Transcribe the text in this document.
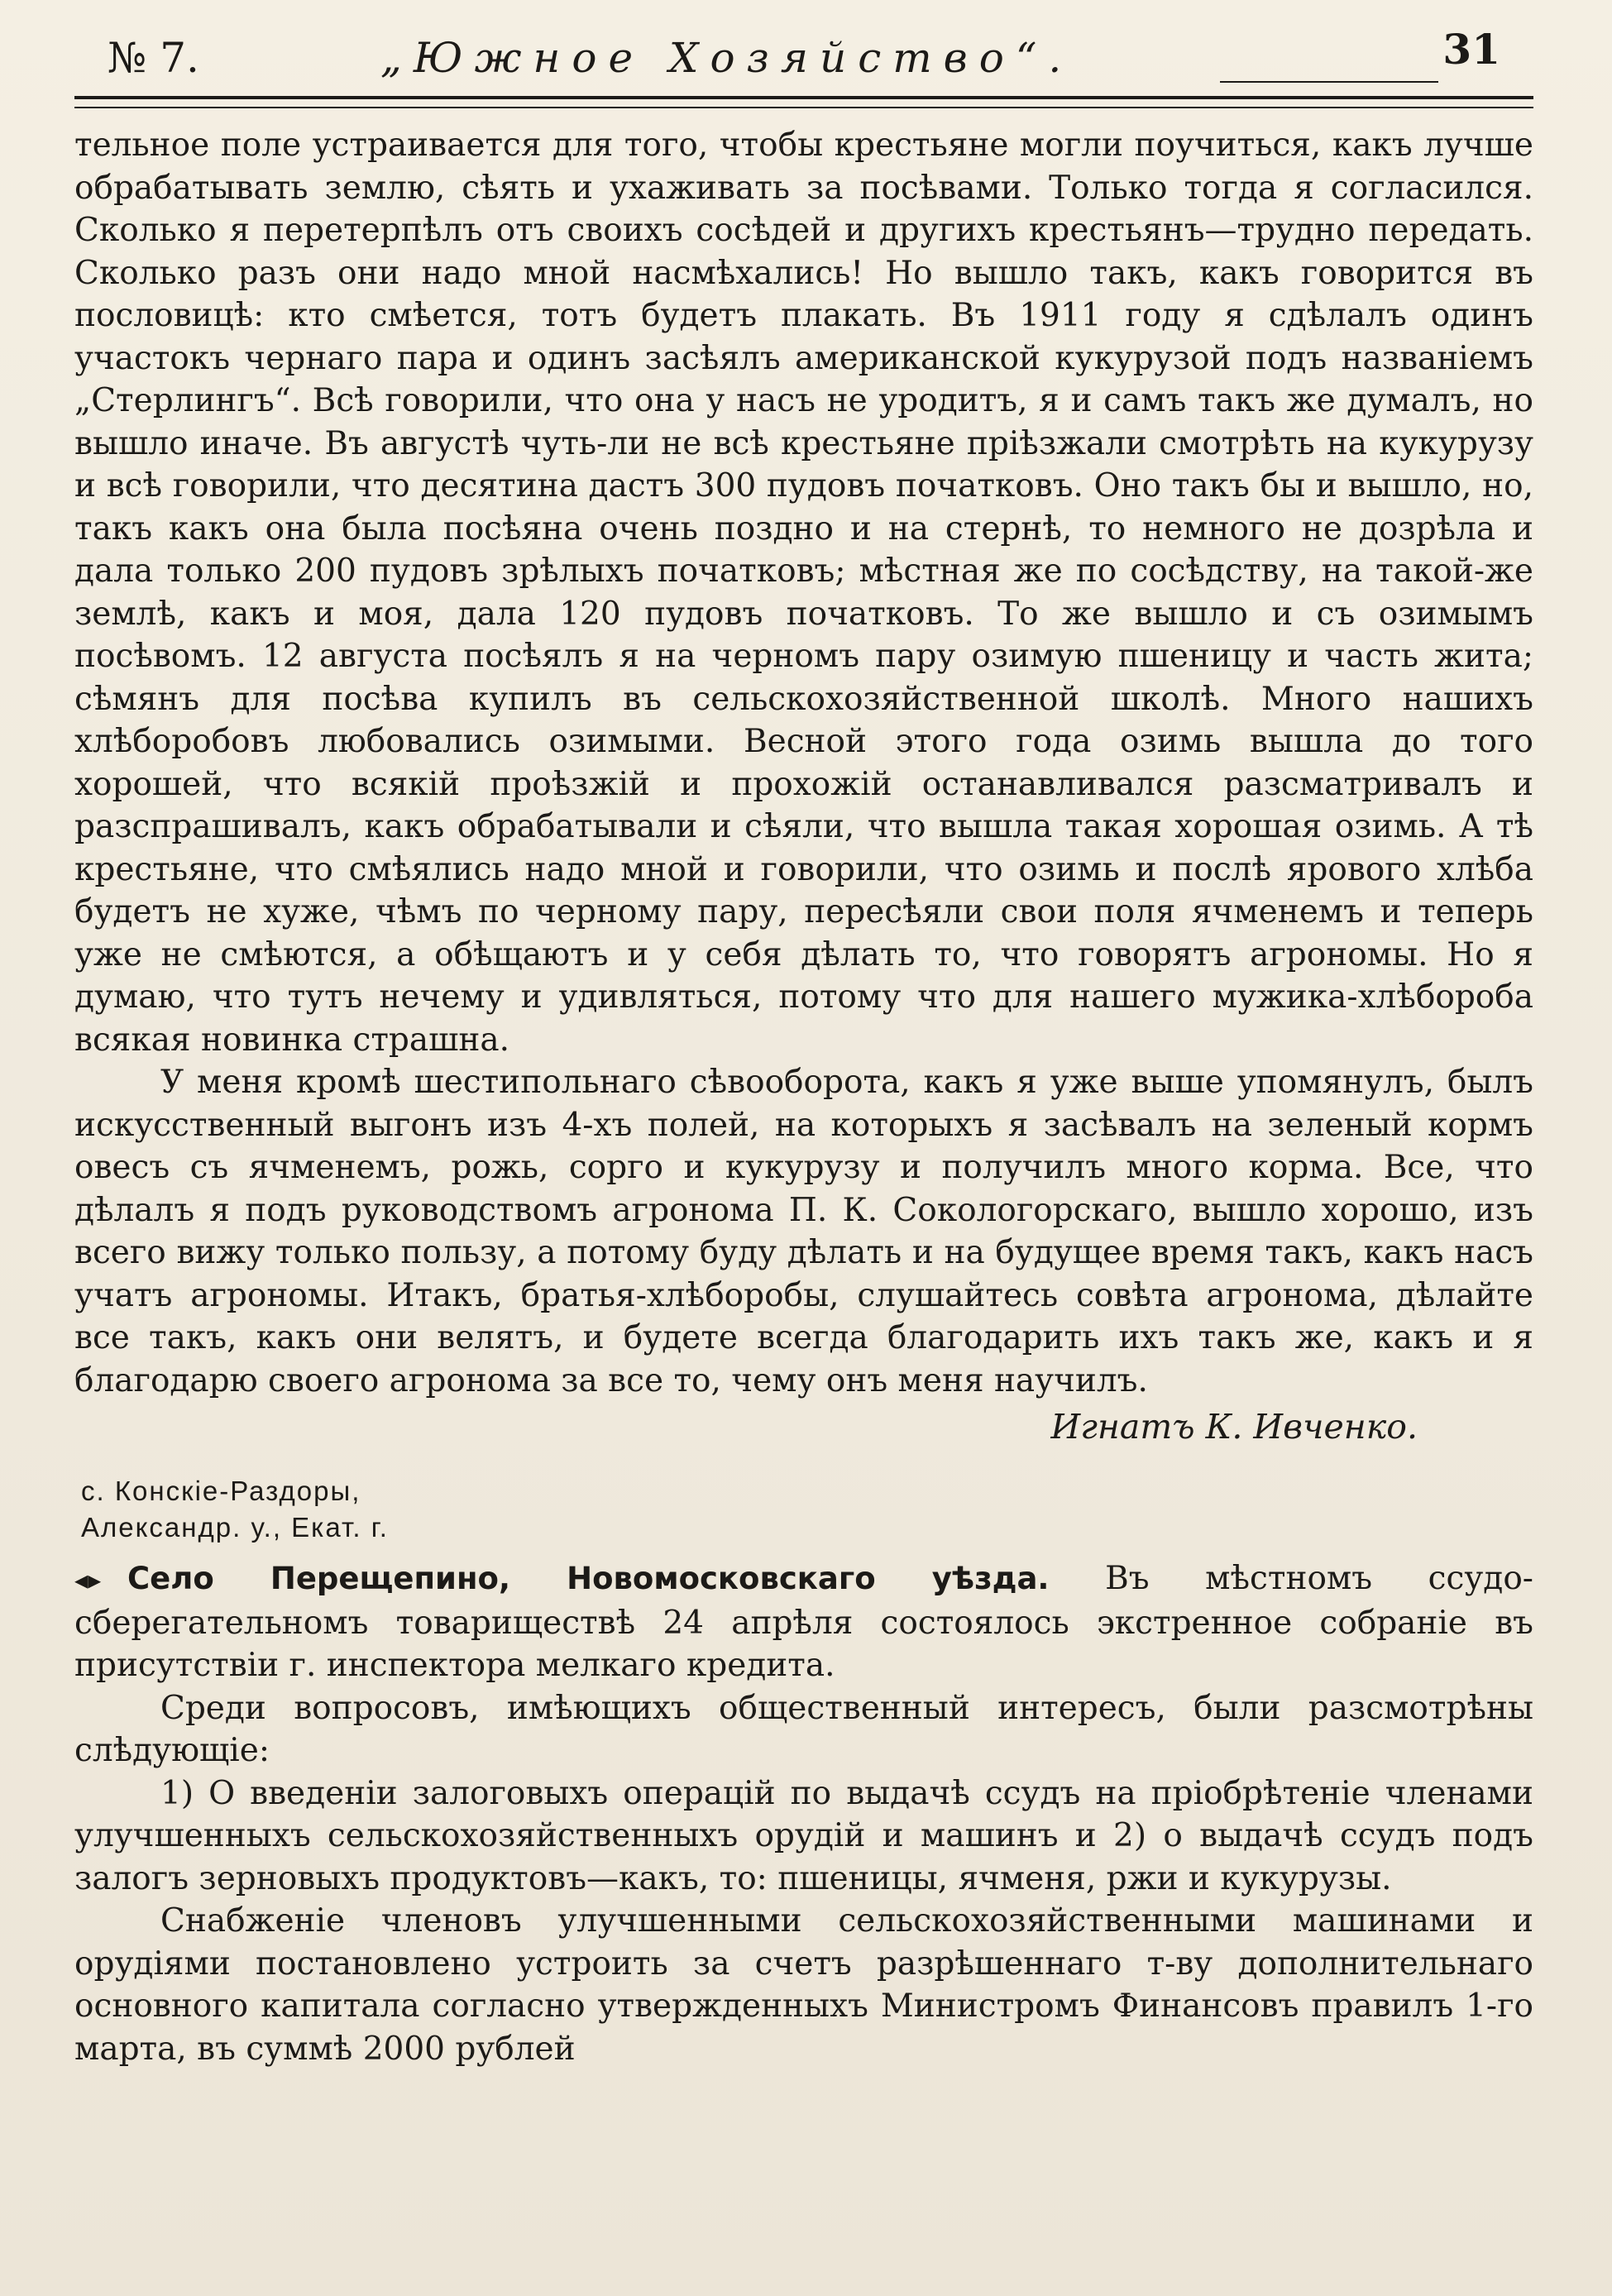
№ 7.	„Южное Хозяйство“.	31

тельное поле устраивается для того, чтобы крестьяне могли поучиться, какъ лучше обрабатывать землю, сѣять и ухаживать за посѣвами. Только тогда я согласился. Сколько я перетерпѣлъ отъ своихъ сосѣдей и другихъ крестьянъ—трудно передать. Сколько разъ они надо мной насмѣхались! Но вышло такъ, какъ говорится въ пословицѣ: кто смѣется, тотъ будетъ плакать. Въ 1911 году я сдѣлалъ одинъ участокъ чернаго пара и одинъ засѣялъ американской кукурузой подъ названіемъ „Стерлингъ“. Всѣ говорили, что она у насъ не уродитъ, я и самъ такъ же думалъ, но вышло иначе. Въ августѣ чуть-ли не всѣ крестьяне пріѣзжали смотрѣть на кукурузу и всѣ говорили, что десятина дастъ 300 пудовъ початковъ. Оно такъ бы и вышло, но, такъ какъ она была посѣяна очень поздно и на стернѣ, то немного не дозрѣла и дала только 200 пудовъ зрѣлыхъ початковъ; мѣстная же по сосѣдству, на такой-же землѣ, какъ и моя, дала 120 пудовъ початковъ. То же вышло и съ озимымъ посѣвомъ. 12 августа посѣялъ я на черномъ пару озимую пшеницу и часть жита; сѣмянъ для посѣва купилъ въ сельскохозяйственной школѣ. Много нашихъ хлѣборобовъ любовались озимыми. Весной этого года озимь вышла до того хорошей, что всякій проѣзжій и прохожій останавливался разсматривалъ и разспрашивалъ, какъ обрабатывали и сѣяли, что вышла такая хорошая озимь. А тѣ крестьяне, что смѣялись надо мной и говорили, что озимь и послѣ ярового хлѣба будетъ не хуже, чѣмъ по черному пару, пересѣяли свои поля ячменемъ и теперь уже не смѣются, а обѣщаютъ и у себя дѣлать то, что говорятъ агрономы. Но я думаю, что тутъ нечему и удивляться, потому что для нашего мужика-хлѣбороба всякая новинка страшна.

У меня кромѣ шестипольнаго сѣвооборота, какъ я уже выше упомянулъ, былъ искусственный выгонъ изъ 4-хъ полей, на которыхъ я засѣвалъ на зеленый кормъ овесъ съ ячменемъ, рожь, сорго и кукурузу и получилъ много корма. Все, что дѣлалъ я подъ руководствомъ агронома П. К. Сокологорскаго, вышло хорошо, изъ всего вижу только пользу, а потому буду дѣлать и на будущее время такъ, какъ насъ учатъ агрономы. Итакъ, братья-хлѣборобы, слушайтесь совѣта агронома, дѣлайте все такъ, какъ они велятъ, и будете всегда благодарить ихъ такъ же, какъ и я благодарю своего агронома за все то, чему онъ меня научилъ.

Игнатъ К. Ивченко.

с. Конскіе-Раздоры,

Александр. у., Екат. г.

◂▸ Село Перещепино, Новомосковскаго уѣзда. Въ мѣстномъ ссудо-сберегательномъ товариществѣ 24 апрѣля состоялось экстренное собраніе въ присутствіи г. инспектора мелкаго кредита.

Среди вопросовъ, имѣющихъ общественный интересъ, были разсмотрѣны слѣдующіе:

1) О введеніи залоговыхъ операцій по выдачѣ ссудъ на пріобрѣтеніе членами улучшенныхъ сельскохозяйственныхъ орудій и машинъ и 2) о выдачѣ ссудъ подъ залогъ зерновыхъ продуктовъ—какъ, то: пшеницы, ячменя, ржи и кукурузы.

Снабженіе членовъ улучшенными сельскохозяйственными машинами и орудіями постановлено устроить за счетъ разрѣшеннаго т-ву дополнительнаго основного капитала согласно утвержденныхъ Министромъ Финансовъ правилъ 1-го марта, въ суммѣ 2000 рублей
